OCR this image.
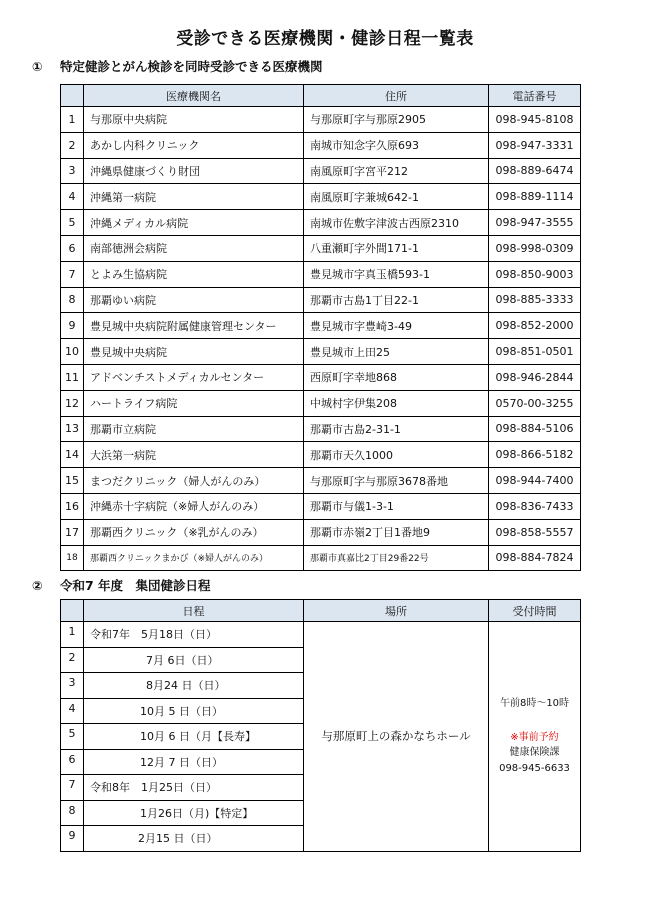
受診できる医療機関・健診日程一覧表
① 特定健診とがん検診を同時受診できる医療機関
	医療機関名	住所	電話番号
1	与那原中央病院	与那原町字与那原2905	098-945-8108
2	あかし内科クリニック	南城市知念字久原693	098-947-3331
3	沖縄県健康づくり財団	南風原町字宮平212	098-889-6474
4	沖縄第一病院	南風原町字兼城642-1	098-889-1114
5	沖縄メディカル病院	南城市佐敷字津波古西原2310	098-947-3555
6	南部徳洲会病院	八重瀬町字外間171-1	098-998-0309
7	とよみ生協病院	豊見城市字真玉橋593-1	098-850-9003
8	那覇ゆい病院	那覇市古島1丁目22-1	098-885-3333
9	豊見城中央病院附属健康管理センター	豊見城市字豊崎3-49	098-852-2000
10	豊見城中央病院	豊見城市上田25	098-851-0501
11	アドベンチストメディカルセンター	西原町字幸地868	098-946-2844
12	ハートライフ病院	中城村字伊集208	0570-00-3255
13	那覇市立病院	那覇市古島2-31-1	098-884-5106
14	大浜第一病院	那覇市天久1000	098-866-5182
15	まつだクリニック（婦人がんのみ）	与那原町字与那原3678番地	098-944-7400
16	沖縄赤十字病院（※婦人がんのみ）	那覇市与儀1-3-1	098-836-7433
17	那覇西クリニック（※乳がんのみ）	那覇市赤嶺2丁目1番地9	098-858-5557
18	那覇西クリニックまかび（※婦人がんのみ）	那覇市真嘉比2丁目29番22号	098-884-7824
② 令和7 年度　集団健診日程
	日程	場所	受付時間
1	令和7年　5月18日（日）	与那原町上の森かなちホール	午前8時～10時
※事前予約
健康保険課
098-945-6633

2	7月 6日（日）		
3	8月24 日（日）		
4	10月 5 日（日）		
5	10月 6 日（月【長寿】		
6	12月 7 日（日）		
7	令和8年　1月25日（日）		
8	1月26日（月)【特定】		
9	2月15 日（日）		
